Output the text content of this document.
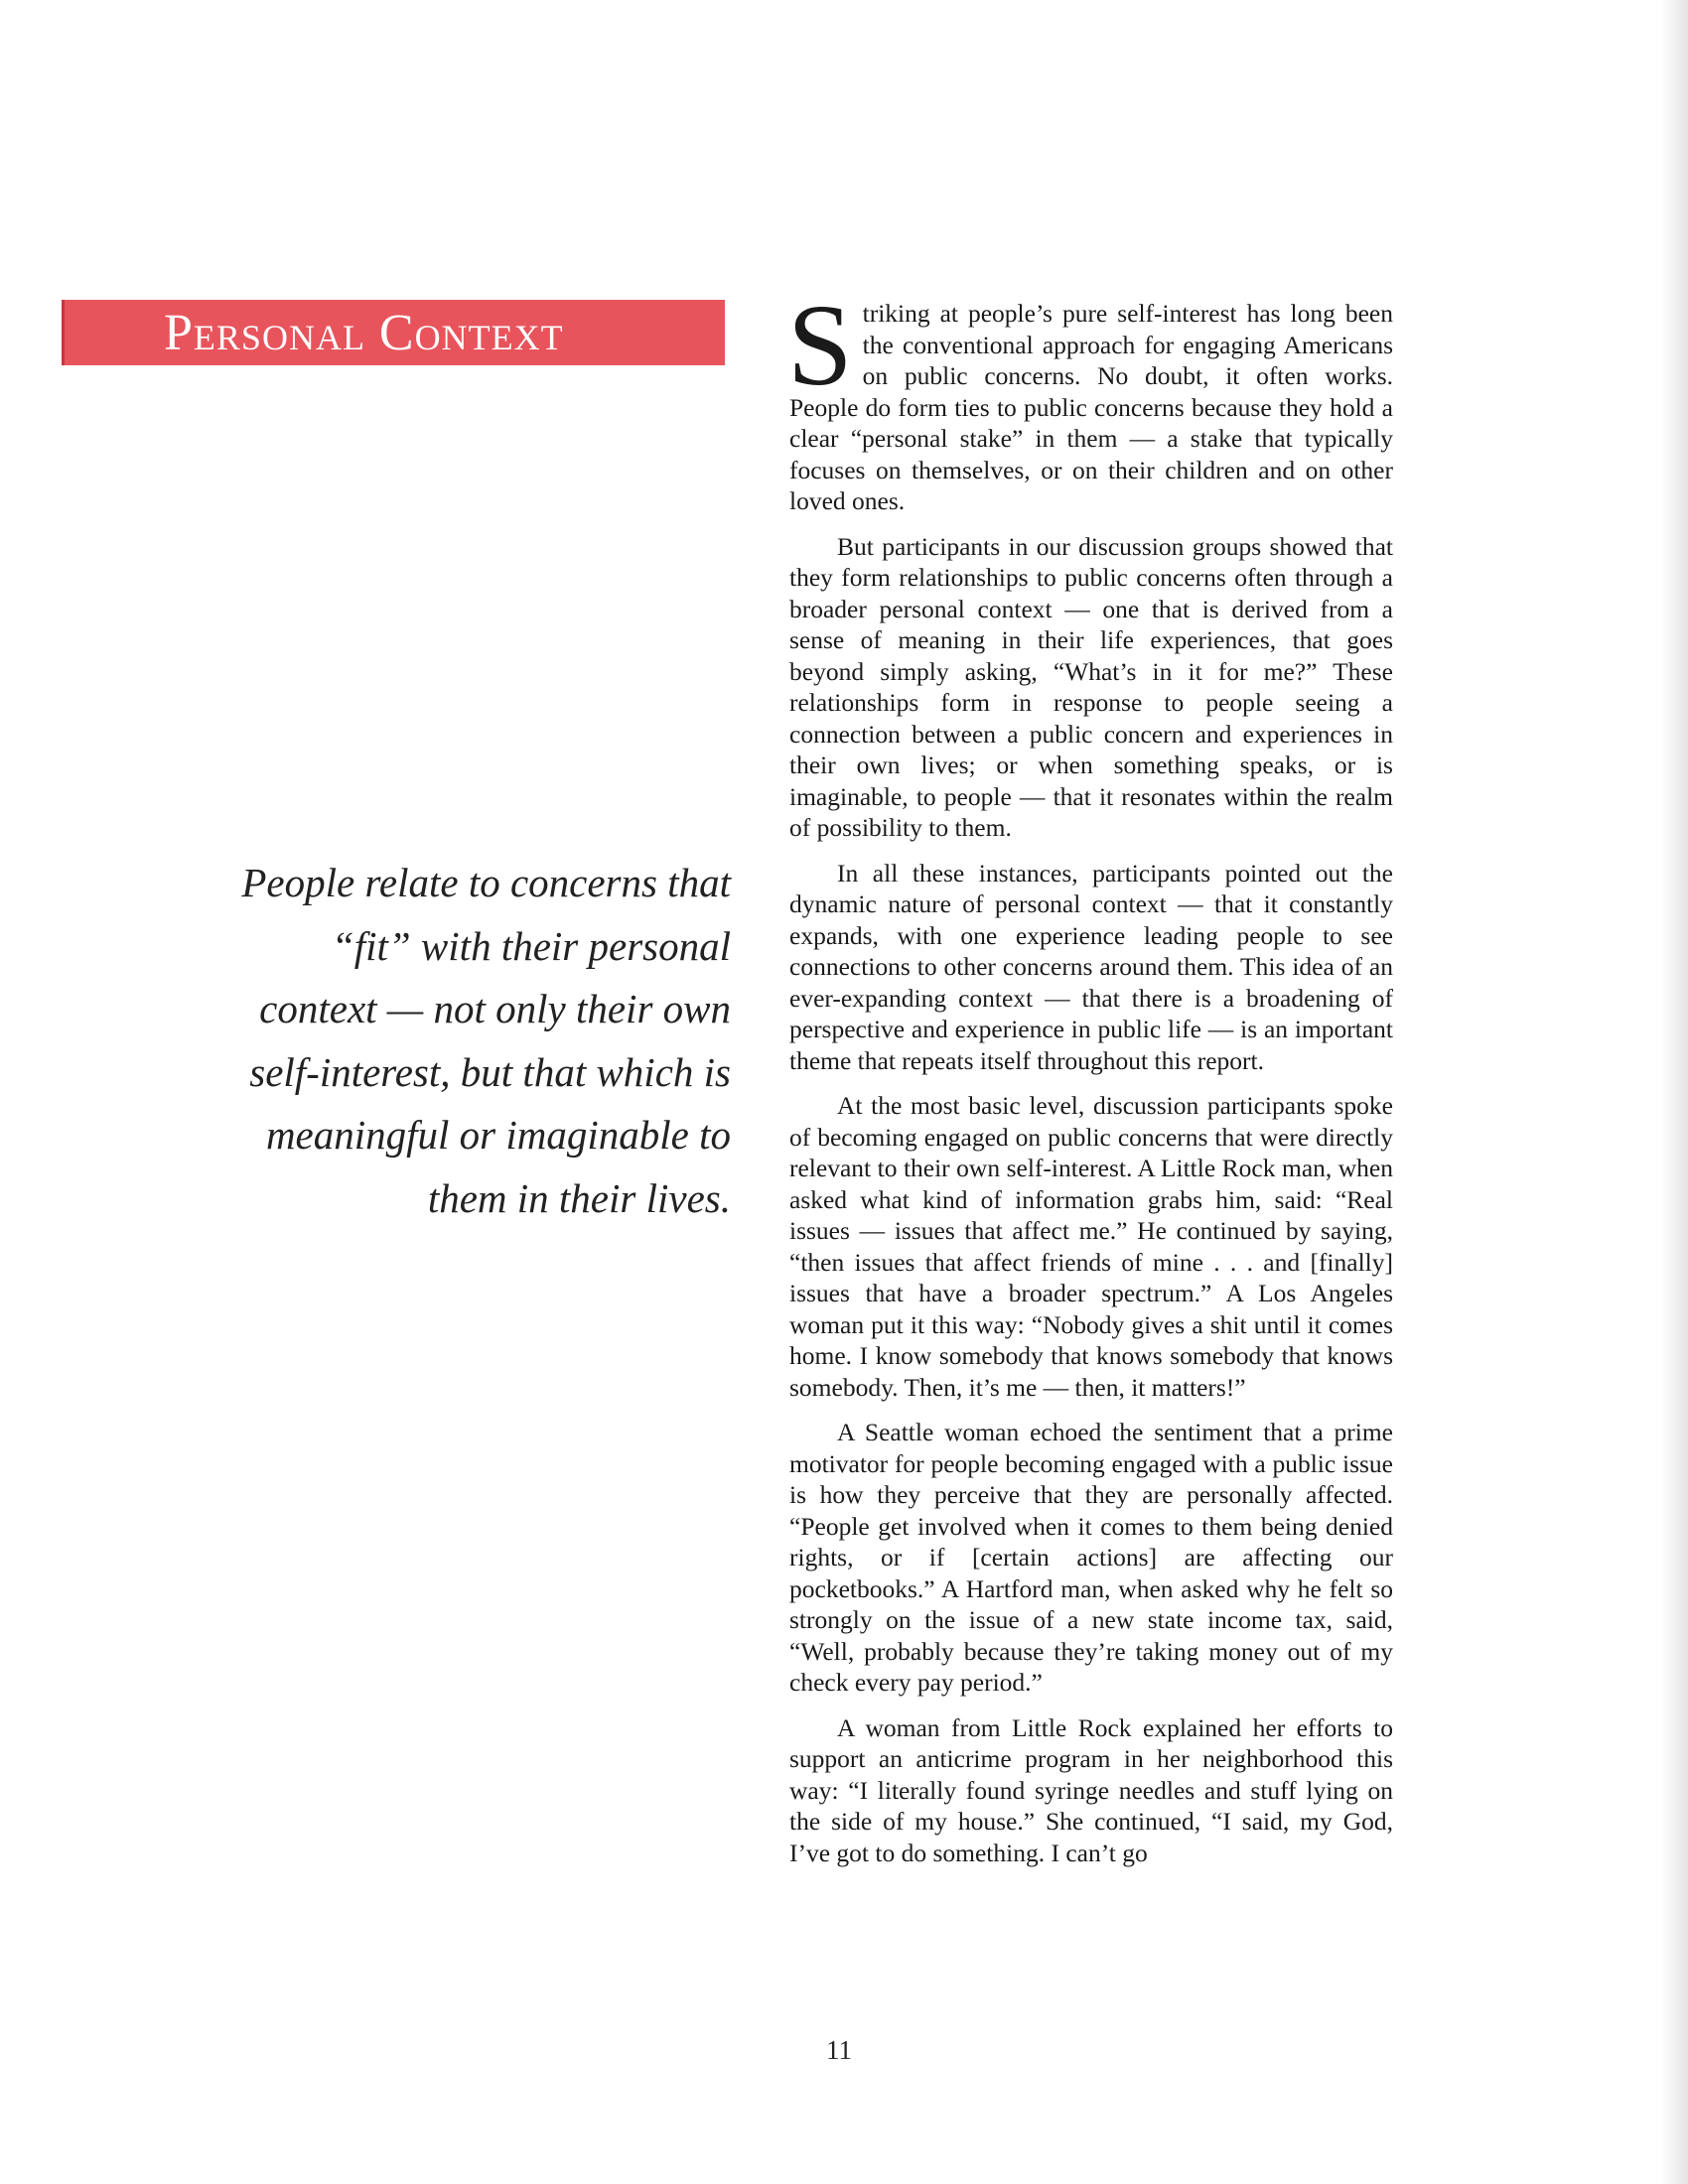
Personal Context

People relate to concerns that “fit” with their personal context — not only their own self-interest, but that which is meaningful or imaginable to them in their lives.

Striking at people’s pure self-interest has long been the conventional approach for engaging Americans on public concerns. No doubt, it often works. People do form ties to public concerns because they hold a clear “personal stake” in them — a stake that typically focuses on themselves, or on their children and on other loved ones.

But participants in our discussion groups showed that they form relationships to public concerns often through a broader personal context — one that is derived from a sense of meaning in their life experiences, that goes beyond simply asking, “What’s in it for me?” These relationships form in response to people seeing a connection between a public concern and experiences in their own lives; or when something speaks, or is imaginable, to people — that it resonates within the realm of possibility to them.

In all these instances, participants pointed out the dynamic nature of personal context — that it constantly expands, with one experience leading people to see connections to other concerns around them. This idea of an ever-expanding context — that there is a broadening of perspective and experience in public life — is an important theme that repeats itself throughout this report.

At the most basic level, discussion participants spoke of becoming engaged on public concerns that were directly relevant to their own self-interest. A Little Rock man, when asked what kind of information grabs him, said: “Real issues — issues that affect me.” He continued by saying, “then issues that affect friends of mine . . . and [finally] issues that have a broader spectrum.” A Los Angeles woman put it this way: “Nobody gives a shit until it comes home. I know somebody that knows somebody that knows somebody. Then, it’s me — then, it matters!”

A Seattle woman echoed the sentiment that a prime motivator for people becoming engaged with a public issue is how they perceive that they are personally affected. “People get involved when it comes to them being denied rights, or if [certain actions] are affecting our pocketbooks.” A Hartford man, when asked why he felt so strongly on the issue of a new state income tax, said, “Well, probably because they’re taking money out of my check every pay period.”

A woman from Little Rock explained her efforts to support an anticrime program in her neighborhood this way: “I literally found syringe needles and stuff lying on the side of my house.” She continued, “I said, my God, I’ve got to do something. I can’t go

11
